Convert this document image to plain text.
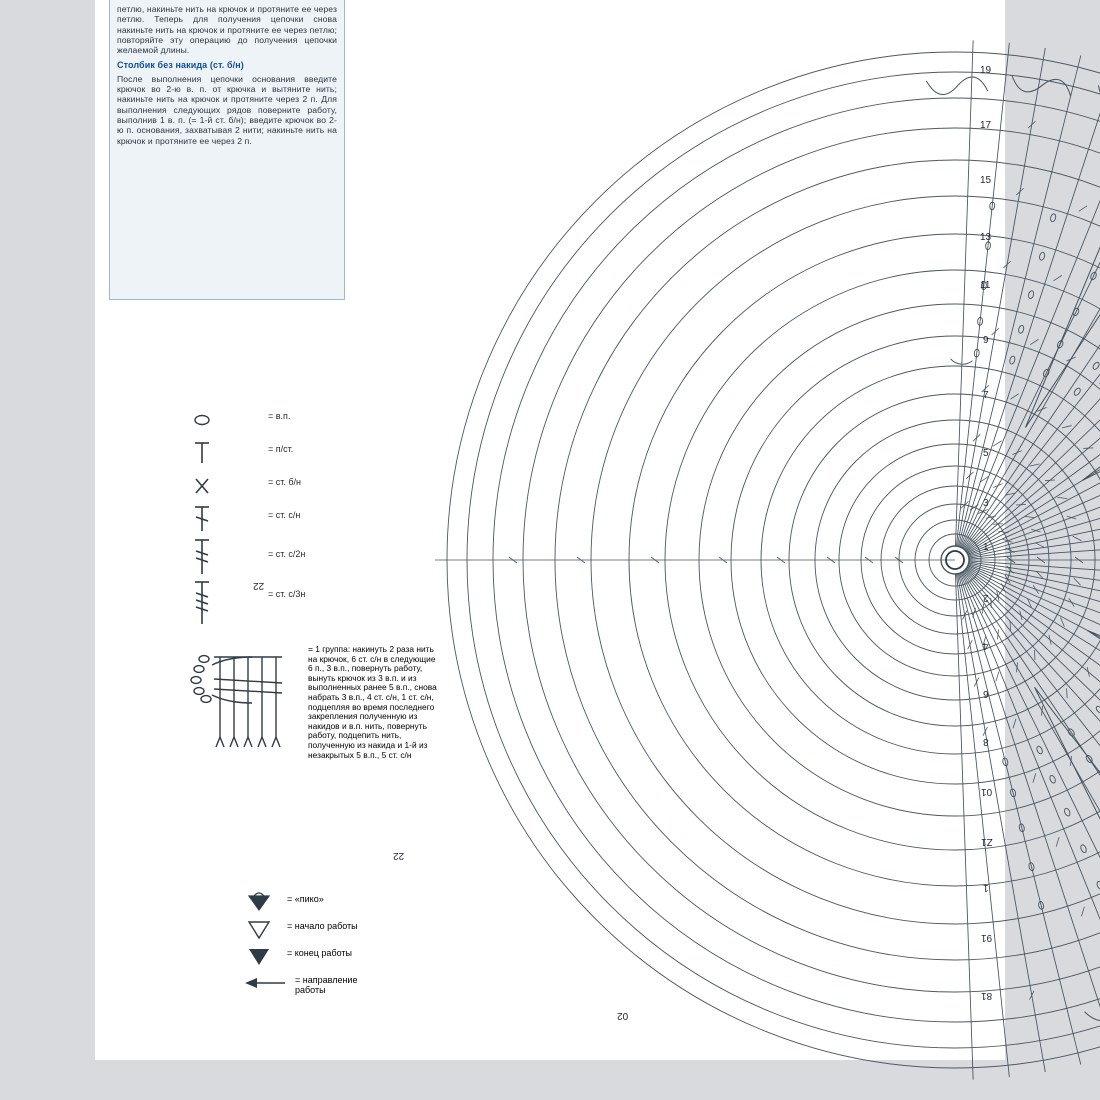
петлю, накиньте нить на крючок и протяните ее через петлю. Теперь для получения цепочки снова накиньте нить на крючок и протяните ее через петлю; повторяйте эту операцию до получения цепочки желаемой длины.

Столбик без накида (ст. б/н)

После выполнения цепочки основания введите крючок во 2-ю в. п. от крючка и вытяните нить; накиньте нить на крючок и протяните через 2 п. Для выполнения следующих рядов поверните работу, выполнив 1 в. п. (= 1-й ст. б/н); введите крючок во 2-ю п. основания, захватывая 2 нити; накиньте нить на крючок и протяните ее через 2 п.

= в.п.
= п/ст.
= ст. б/н
= ст. с/н
= ст. с/2н
= ст. с/3н
= 1 группа: накинуть 2 раза нить на крючок, 6 ст. с/н в следующие 6 п., 3 в.п., повернуть работу, вынуть крючок из 3 в.п. и из выполненных ранее 5 в.п., снова набрать 3 в.п., 4 ст. с/н, 1 ст. с/н, подцепляя во время последнего закрепления полученную из накидов и в.п. нить, повернуть работу, подцепить нить, полученную из накида и 1-й из незакрытых 5 в.п., 5 ст. с/н
= «пико»
= начало работы
= конец работы
= направление
работы
19
17
15
13
11
9
7
5
3
1
2
4
6
8
01
Z1
1
91
81
22
22
02
